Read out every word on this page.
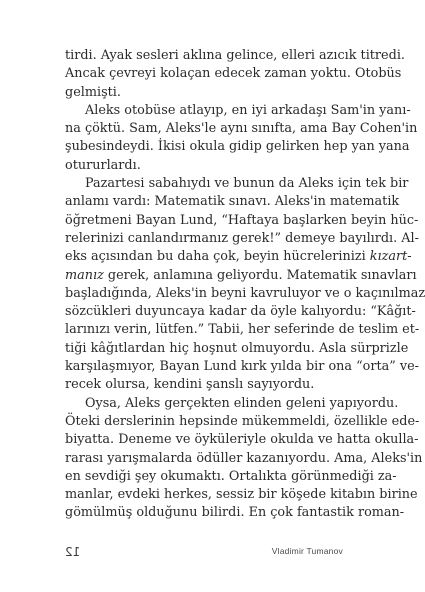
tirdi. Ayak sesleri aklına gelince, elleri azıcık titredi.
Ancak çevreyi kolaçan edecek zaman yoktu. Otobüs
gelmişti.

Aleks otobüse atlayıp, en iyi arkadaşı Sam'in yanı-
na çöktü. Sam, Aleks'le aynı sınıfta, ama Bay Cohen'in
şubesindeydi. İkisi okula gidip gelirken hep yan yana
otururlardı.

Pazartesi sabahıydı ve bunun da Aleks için tek bir
anlamı vardı: Matematik sınavı. Aleks'in matematik
öğretmeni Bayan Lund, “Haftaya başlarken beyin hüc-
relerinizi canlandırmanız gerek!” demeye bayılırdı. Al-
eks açısından bu daha çok, beyin hücrelerinizi kızart-
manız gerek, anlamına geliyordu. Matematik sınavları
başladığında, Aleks'in beyni kavruluyor ve o kaçınılmaz
sözcükleri duyuncaya kadar da öyle kalıyordu: “Kâğıt-
larınızı verin, lütfen.” Tabii, her seferinde de teslim et-
tiği kâğıtlardan hiç hoşnut olmuyordu. Asla sürprizle
karşılaşmıyor, Bayan Lund kırk yılda bir ona “orta” ve-
recek olursa, kendini şanslı sayıyordu.

Oysa, Aleks gerçekten elinden geleni yapıyordu.
Öteki derslerinin hepsinde mükemmeldi, özellikle ede-
biyatta. Deneme ve öyküleriyle okulda ve hatta okulla-
rarası yarışmalarda ödüller kazanıyordu. Ama, Aleks'in
en sevdiği şey okumaktı. Ortalıkta görünmediği za-
manlar, evdeki herkes, sessiz bir köşede kitabın birine
gömülmüş olduğunu bilirdi. En çok fantastik roman-

12	Vladimir Tumanov
